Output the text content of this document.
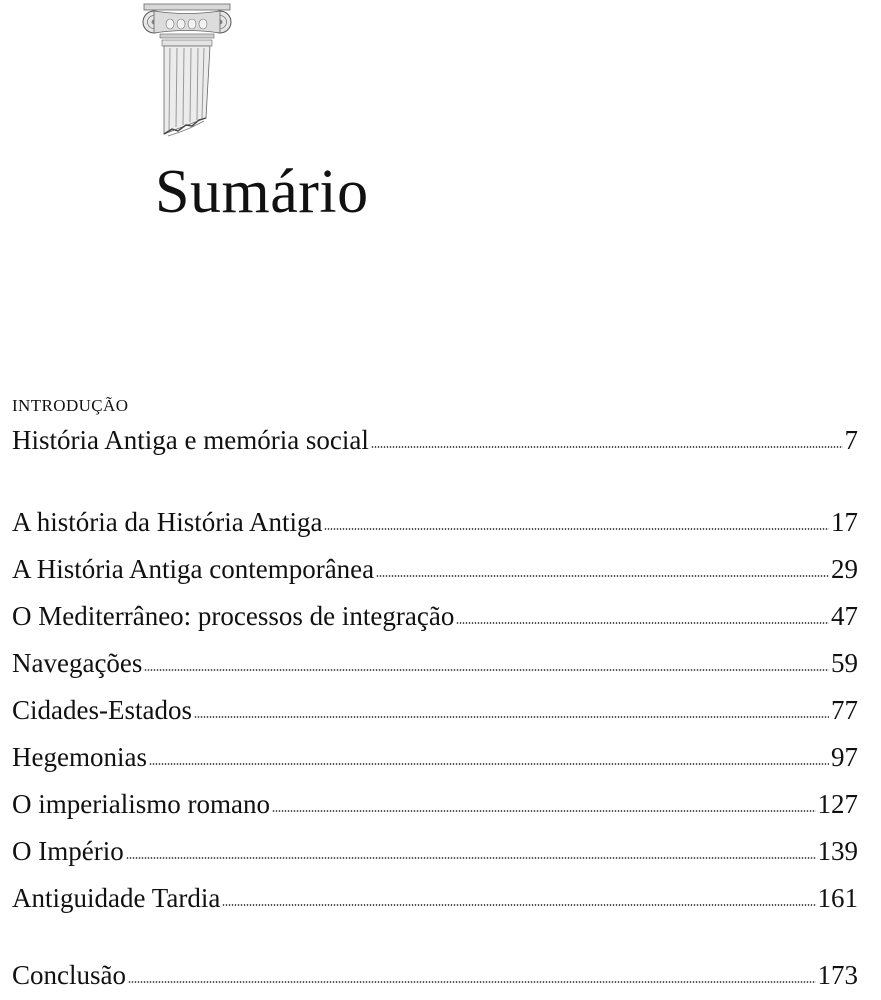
Sumário
INTRODUÇÃO
História Antiga e memória social	7
A história da História Antiga	17
A História Antiga contemporânea	29
O Mediterrâneo: processos de integração	47
Navegações	59
Cidades-Estados	77
Hegemonias	97
O imperialismo romano	127
O Império	139
Antiguidade Tardia	161
Conclusão	173
